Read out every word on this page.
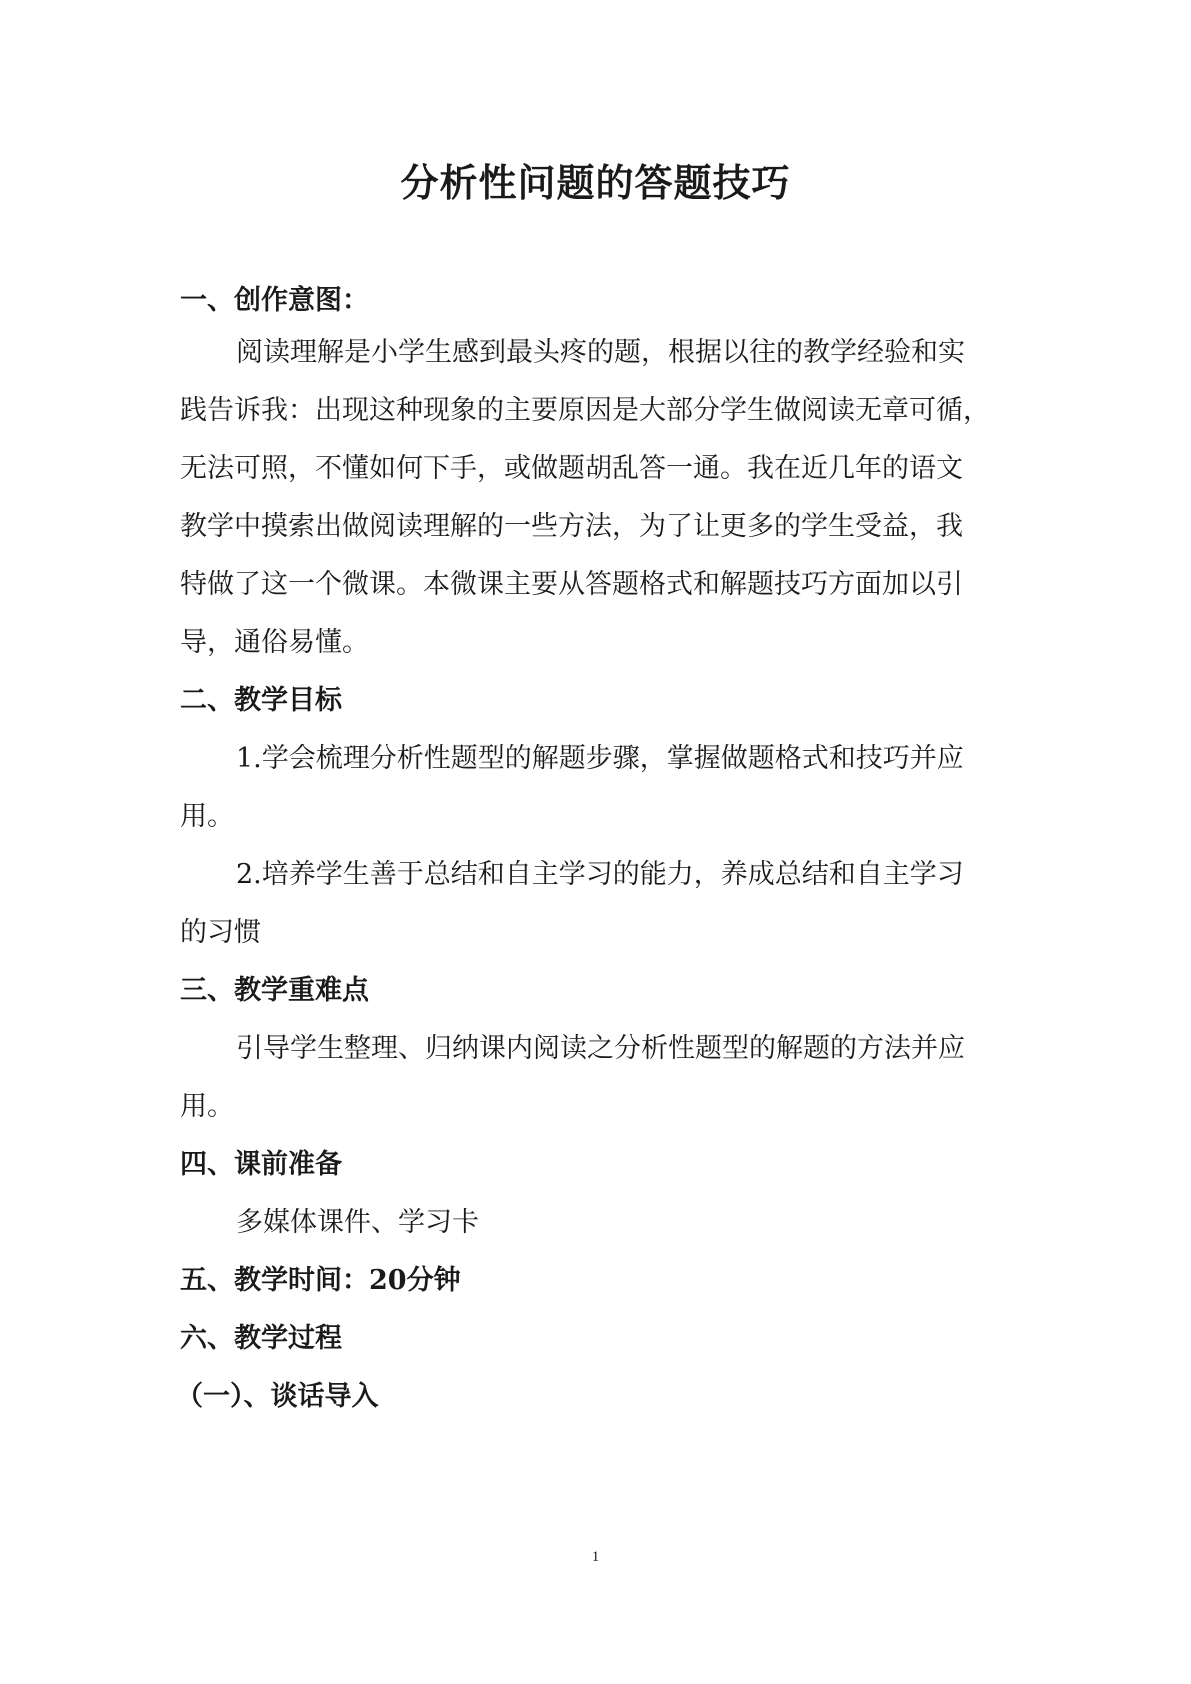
分析性问题的答题技巧
一、创作意图：
阅读理解是小学生感到最头疼的题，根据以往的教学经验和实
践告诉我：出现这种现象的主要原因是大部分学生做阅读无章可循，
无法可照，不懂如何下手，或做题胡乱答一通。我在近几年的语文
教学中摸索出做阅读理解的一些方法，为了让更多的学生受益，我
特做了这一个微课。本微课主要从答题格式和解题技巧方面加以引
导，通俗易懂。
二、教学目标
1.学会梳理分析性题型的解题步骤，掌握做题格式和技巧并应
用。
2.培养学生善于总结和自主学习的能力，养成总结和自主学习
的习惯
三、教学重难点
引导学生整理、归纳课内阅读之分析性题型的解题的方法并应
用。
四、课前准备
多媒体课件、学习卡
五、教学时间：20分钟
六、教学过程
（一）、谈话导入
1
